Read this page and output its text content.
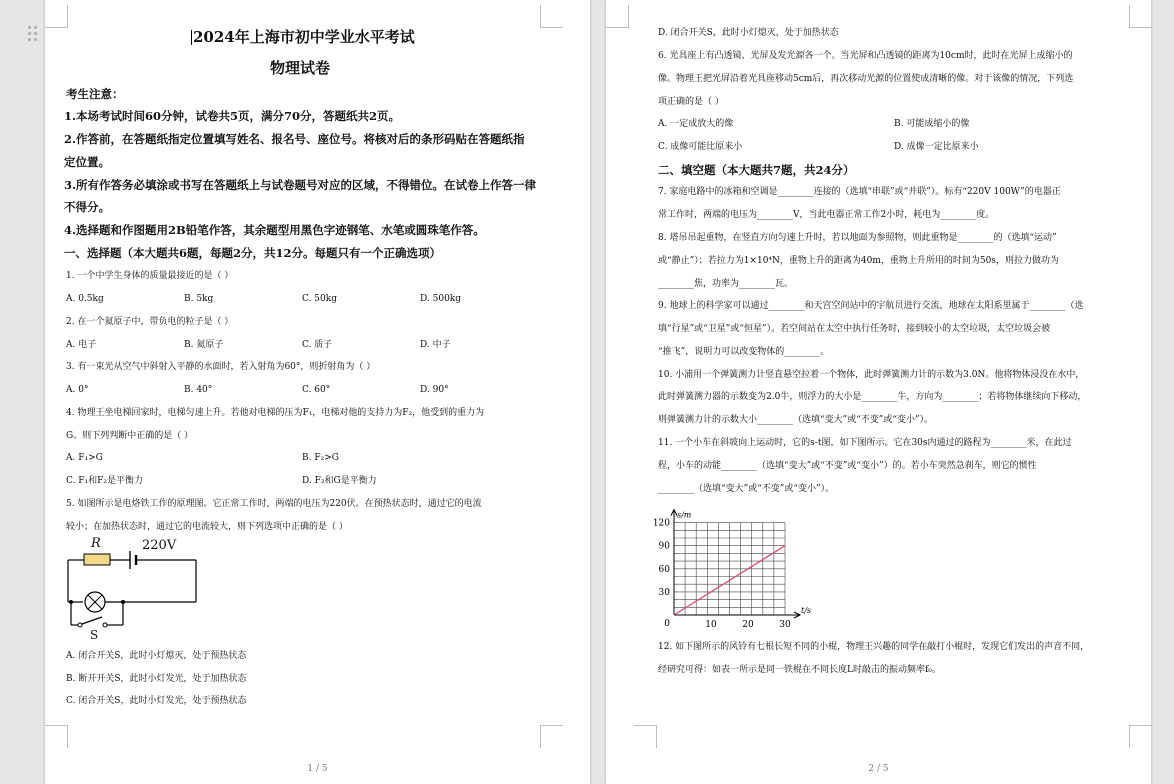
2024年上海市初中学业水平考试
物理试卷
考生注意：
1.本场考试时间60分钟，试卷共5页，满分70分，答题纸共2页。
2.作答前，在答题纸指定位置填写姓名、报名号、座位号。将核对后的条形码贴在答题纸指
定位置。
3.所有作答务必填涂或书写在答题纸上与试卷题号对应的区域，不得错位。在试卷上作答一律
不得分。
4.选择题和作图题用2B铅笔作答，其余题型用黑色字迹钢笔、水笔或圆珠笔作答。
一、选择题（本大题共6题，每题2分，共12分。每题只有一个正确选项）
1. 一个中学生身体的质量最接近的是（ ）
A. 0.5kg	B. 5kg	C. 50kg	D. 500kg
2. 在一个氦原子中，带负电的粒子是（ ）
A. 电子	B. 氦原子	C. 质子	D. 中子
3. 有一束光从空气中斜射入平静的水面时，若入射角为60°，则折射角为（ ）
A. 0°	B. 40°	C. 60°	D. 90°
4. 物理王坐电梯回家时，电梯匀速上升。若他对电梯的压为F₁，电梯对他的支持力为F₂，他受到的重力为
G。则下列判断中正确的是（ ）
A. F₁>G	B. F₂>G
C. F₁和F₂是平衡力	D. F₂和G是平衡力
5. 如图所示是电烙铁工作的原理图。它正常工作时，两端的电压为220伏。在预热状态时，通过它的电流
较小；在加热状态时，通过它的电流较大，则下列选项中正确的是（ ）
R	220V
S
A. 闭合开关S，此时小灯熄灭，处于预热状态
B. 断开开关S，此时小灯发光，处于加热状态
C. 闭合开关S，此时小灯发光，处于预热状态
1 / 5
D. 闭合开关S，此时小灯熄灭，处于加热状态
6. 光具座上有凸透镜、光屏及发光源各一个。当光屏和凸透镜的距离为10cm时，此时在光屏上成缩小的
像。物理王把光屏沿着光具座移动5cm后，再次移动光源的位置使成清晰的像。对于该像的情况，下列选
项正确的是（ ）
A. 一定成放大的像	B. 可能成缩小的像
C. 成像可能比原来小	D. 成像一定比原来小
二、填空题（本大题共7题，共24分）
7. 家庭电路中的冰箱和空调是________连接的（选填“串联”或“并联”）。标有“220V 100W”的电器正
常工作时，两端的电压为________V，当此电器正常工作2小时，耗电为________度。
8. 塔吊吊起重物，在竖直方向匀速上升时，若以地面为参照物，则此重物是________的（选填“运动”
或“静止”）；若拉力为1×10⁴N，重物上升的距离为40m，重物上升所用的时间为50s，则拉力做功为
________焦，功率为________瓦。
9. 地球上的科学家可以通过________和天宫空间站中的宇航员进行交流，地球在太阳系里属于________（选
填“行星”或“卫星”或“恒星”）。若空间站在太空中执行任务时，接到较小的太空垃圾，太空垃圾会被
“推飞”，说明力可以改变物体的________。
10. 小浦用一个弹簧测力计竖直悬空拉着一个物体，此时弹簧测力计的示数为3.0N。他将物体浸没在水中，
此时弹簧测力器的示数变为2.0牛，则浮力的大小是________牛，方向为________；若将物体继续向下移动，
则弹簧测力计的示数大小________（选填“变大”或“不变”或“变小”）。
11. 一个小车在斜坡向上运动时，它的s-t图，如下图所示。它在30s内通过的路程为________米，在此过
程，小车的动能________（选填“变大”或“不变”或“变小”）的。若小车突然急刹车，则它的惯性
________（选填“变大”或“不变”或“变小”）。
30
60
90
120
10	20	30
0
s/m
t/s
12. 如下图所示的风铃有七根长短不同的小棍，物理王兴趣的同学在敲打小棍时，发现它们发出的声音不同，
经研究可得：如表一所示是同一铁棍在不同长度L时敲击的振动频率f₀。
2 / 5
